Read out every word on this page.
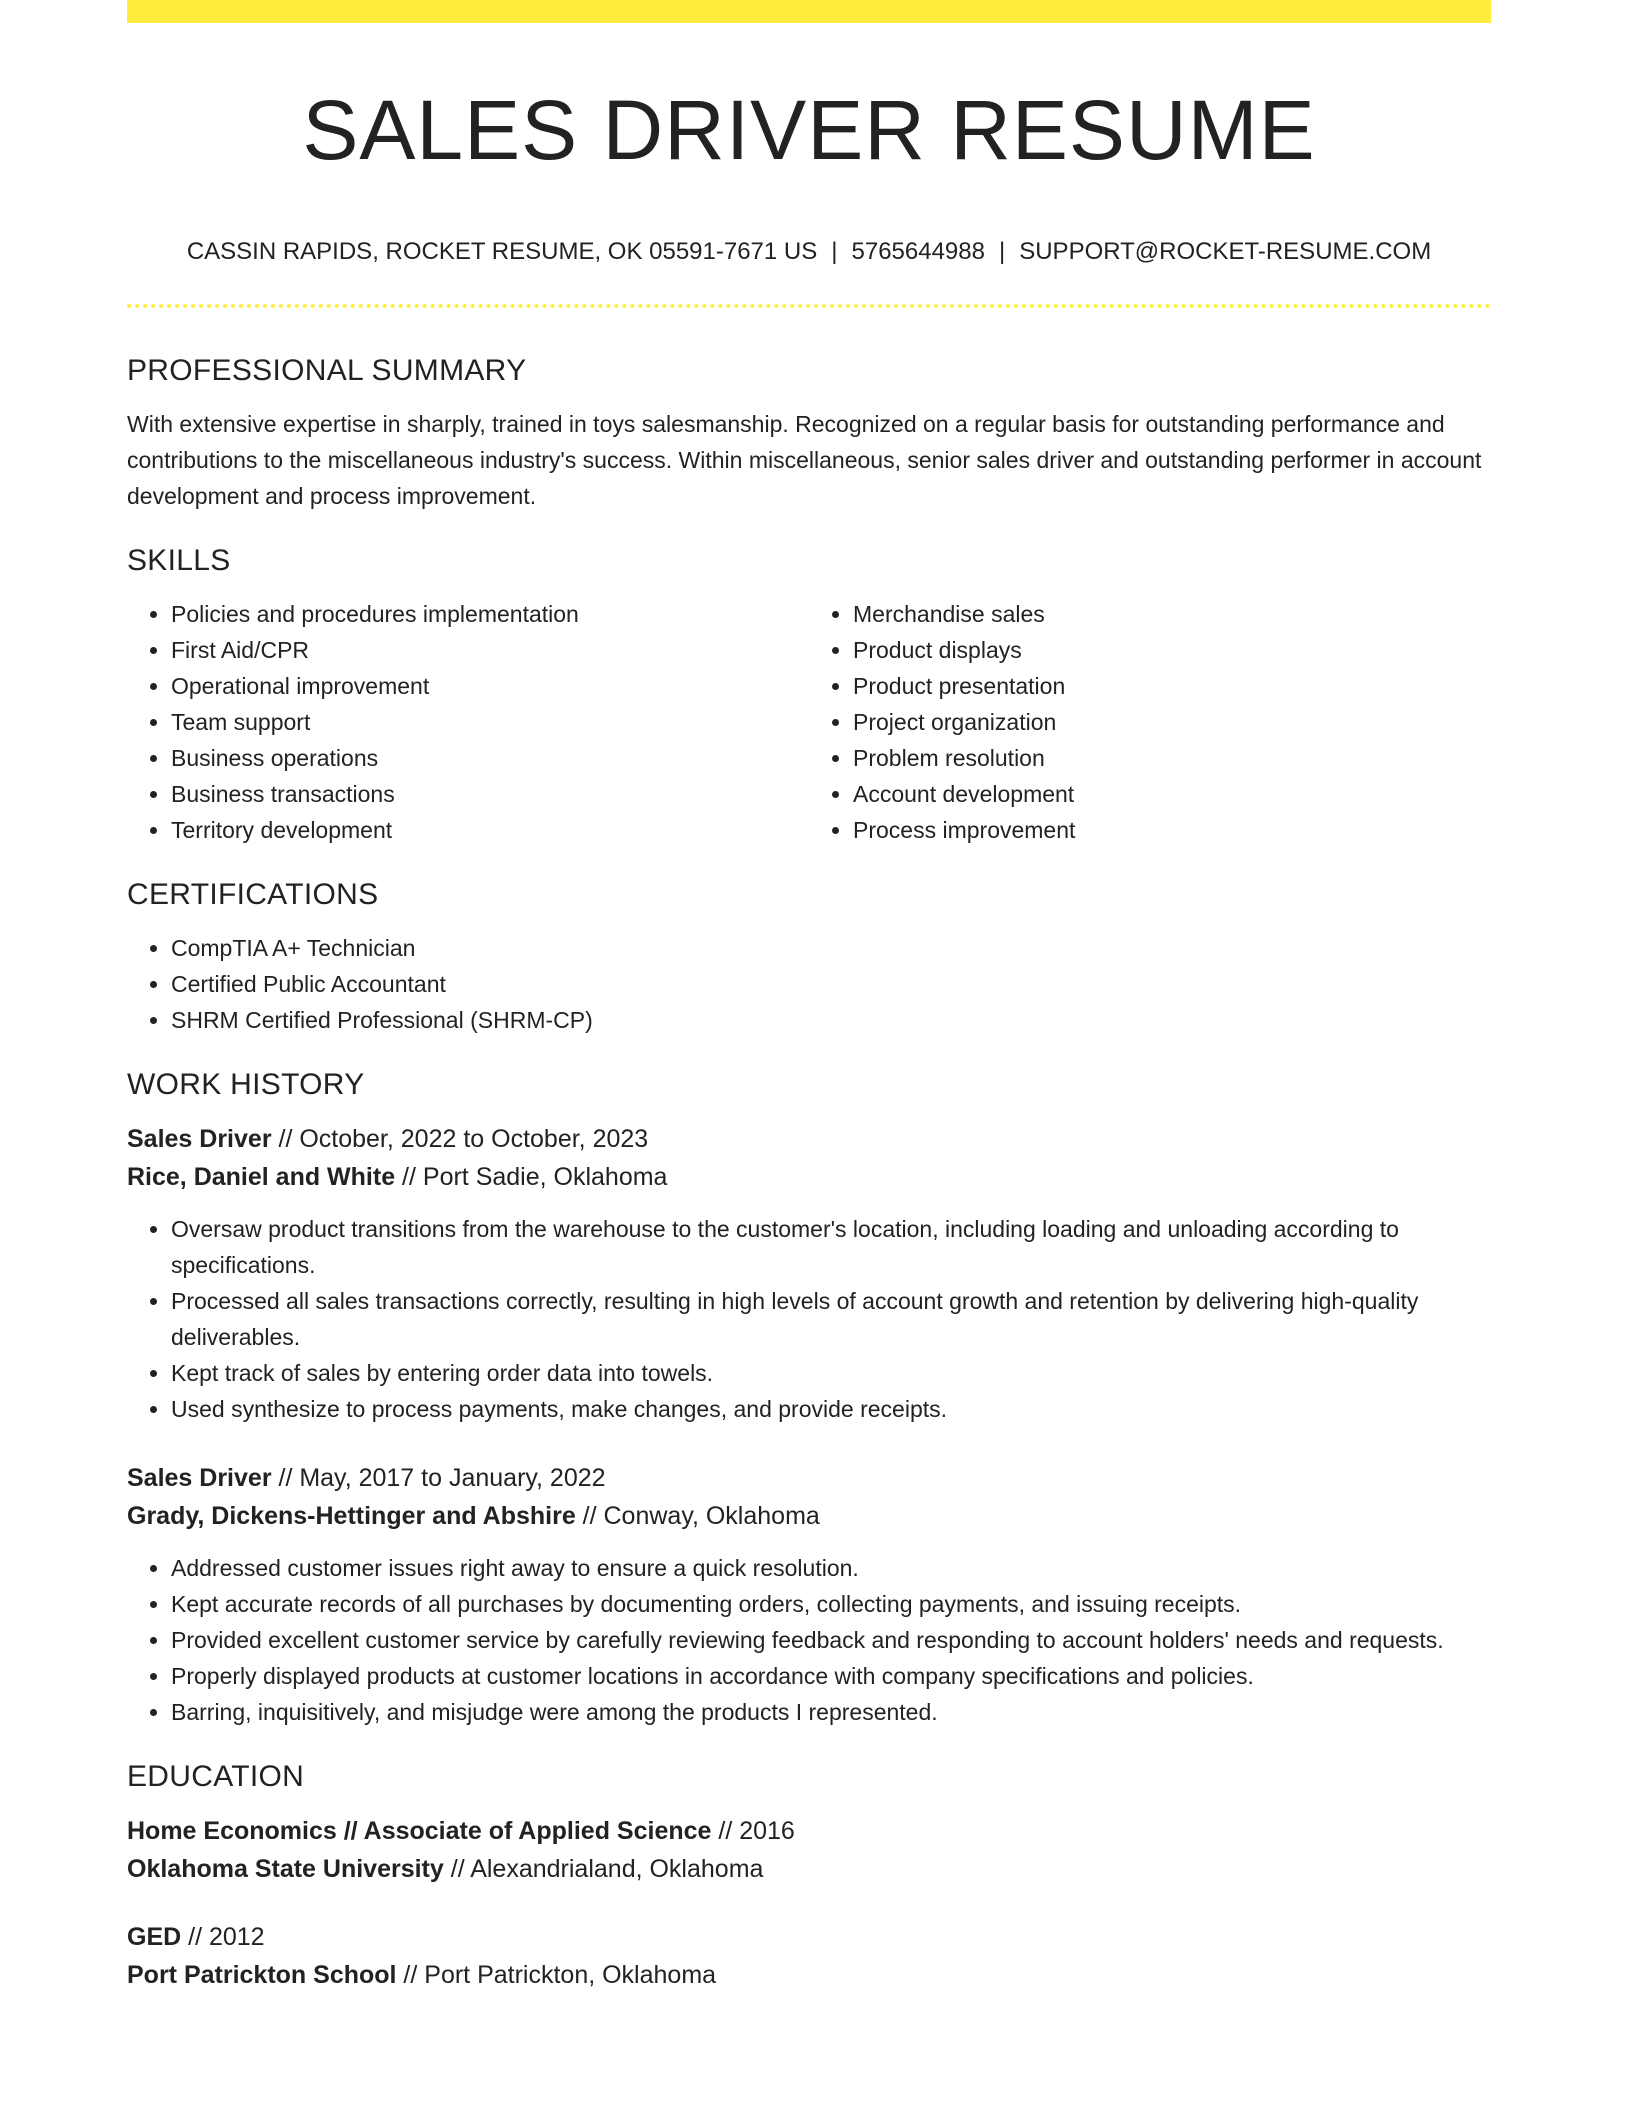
SALES DRIVER RESUME
CASSIN RAPIDS, ROCKET RESUME, OK 05591-7671 US | 5765644988 | SUPPORT@ROCKET-RESUME.COM
PROFESSIONAL SUMMARY

With extensive expertise in sharply, trained in toys salesmanship. Recognized on a regular basis for outstanding performance and contributions to the miscellaneous industry's success. Within miscellaneous, senior sales driver and outstanding performer in account development and process improvement.

SKILLS
• Policies and procedures implementation
• First Aid/CPR
• Operational improvement
• Team support
• Business operations
• Business transactions
• Territory development
• Merchandise sales
• Product displays
• Product presentation
• Project organization
• Problem resolution
• Account development
• Process improvement
CERTIFICATIONS
• CompTIA A+ Technician
• Certified Public Accountant
• SHRM Certified Professional (SHRM-CP)
WORK HISTORY
Sales Driver // October, 2022 to October, 2023
Rice, Daniel and White // Port Sadie, Oklahoma
• Oversaw product transitions from the warehouse to the customer's location, including loading and unloading according to specifications.
• Processed all sales transactions correctly, resulting in high levels of account growth and retention by delivering high-quality deliverables.
• Kept track of sales by entering order data into towels.
• Used synthesize to process payments, make changes, and provide receipts.
Sales Driver // May, 2017 to January, 2022
Grady, Dickens-Hettinger and Abshire // Conway, Oklahoma
• Addressed customer issues right away to ensure a quick resolution.
• Kept accurate records of all purchases by documenting orders, collecting payments, and issuing receipts.
• Provided excellent customer service by carefully reviewing feedback and responding to account holders' needs and requests.
• Properly displayed products at customer locations in accordance with company specifications and policies.
• Barring, inquisitively, and misjudge were among the products I represented.
EDUCATION
Home Economics // Associate of Applied Science // 2016
Oklahoma State University // Alexandrialand, Oklahoma
GED // 2012
Port Patrickton School // Port Patrickton, Oklahoma
